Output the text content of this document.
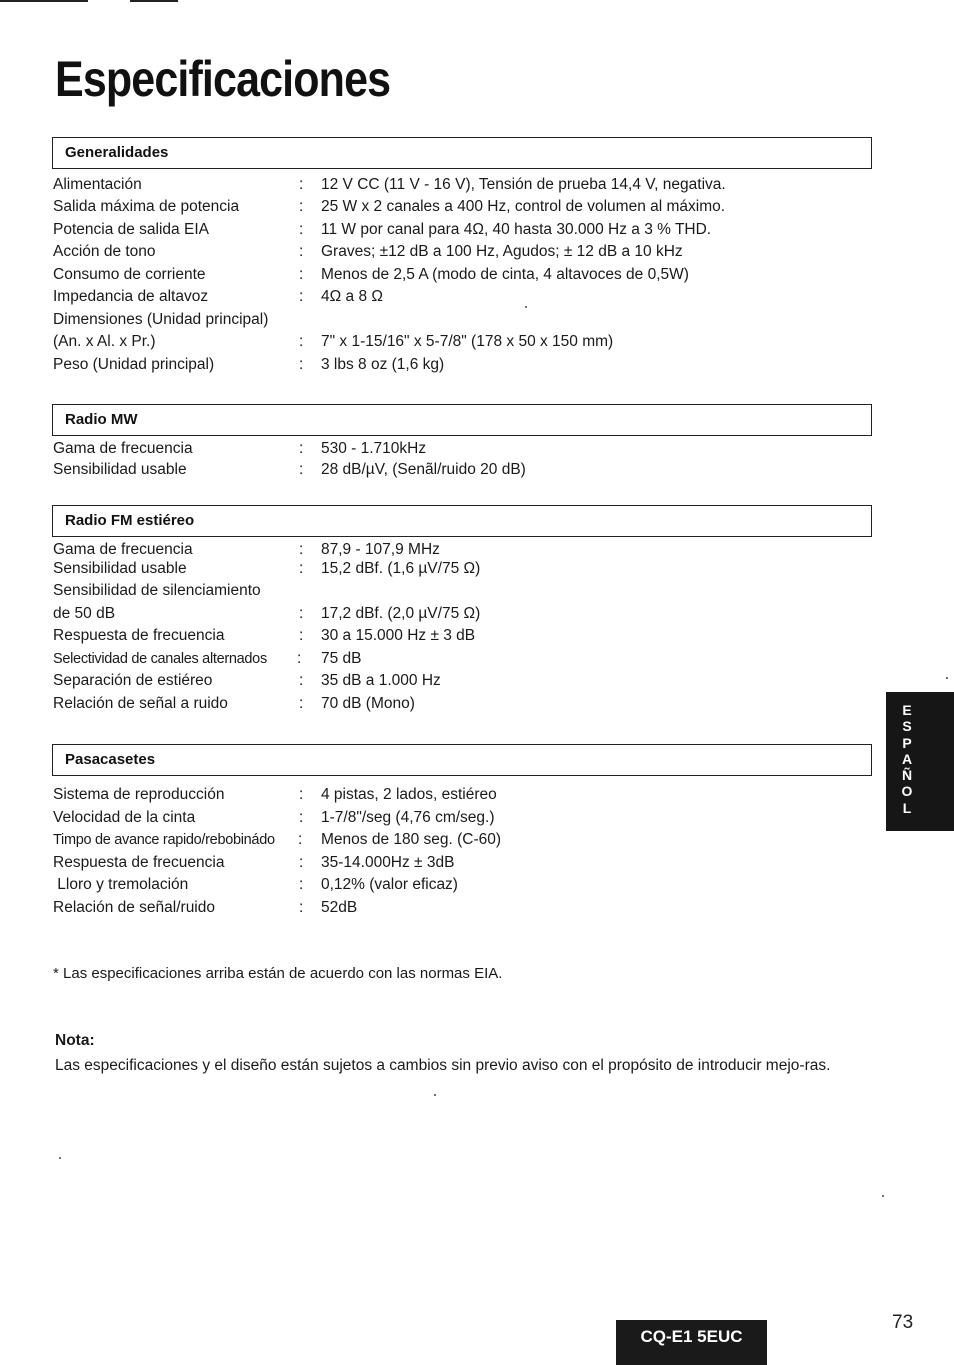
Especificaciones
Generalidades
Alimentación	: 12 V CC (11 V - 16 V), Tensión de prueba 14,4 V, negativa.
Salida máxima de potencia	: 25 W x 2 canales a 400 Hz, control de volumen al máximo.
Potencia de salida EIA	: 11 W por canal para 4Ω, 40 hasta 30.000 Hz a 3 % THD.
Acción de tono	: Graves; ±12 dB a 100 Hz, Agudos; ± 12 dB a 10 kHz
Consumo de corriente	: Menos de 2,5 A (modo de cinta, 4 altavoces de 0,5W)
Impedancia de altavoz	: 4Ω a 8 Ω
Dimensiones (Unidad principal)
(An. x Al. x Pr.)	: 7" x 1-15/16" x 5-7/8" (178 x 50 x 150 mm)
Peso (Unidad principal)	: 3 lbs 8 oz (1,6 kg)
Radio MW
Gama de frecuencia	: 530 - 1.710kHz
Sensibilidad usable	: 28 dB/µV, (Senãl/ruido 20 dB)
Radio FM estiéreo
Gama de frecuencia	: 87,9 - 107,9 MHz
Sensibilidad usable	: 15,2 dBf. (1,6 µV/75 Ω)
Sensibilidad de silenciamiento
de 50 dB	: 17,2 dBf. (2,0 µV/75 Ω)
Respuesta de frecuencia	: 30 a 15.000 Hz ± 3 dB
Selectividad de canales alternados : 75 dB
Separación de estiéreo	: 35 dB a 1.000 Hz
Relación de señal a ruido	: 70 dB (Mono)
Pasacasetes
Sistema de reproducción	: 4 pistas, 2 lados, estiéreo
Velocidad de la cinta	: 1-7/8"/seg (4,76 cm/seg.)
Timpo de avance rapido/rebobinádo : Menos de 180 seg. (C-60)
Respuesta de frecuencia	: 35-14.000Hz ± 3dB
Lloro y tremolación	: 0,12% (valor eficaz)
Relación de señal/ruido	: 52dB
* Las especificaciones arriba están de acuerdo con las normas EIA.
Nota:
Las especificaciones y el diseño están sujetos a cambios sin previo aviso con el propósito de introducir mejo-ras.
E
S
P
A
Ñ
O
L
CQ-E1 5EUC
73
